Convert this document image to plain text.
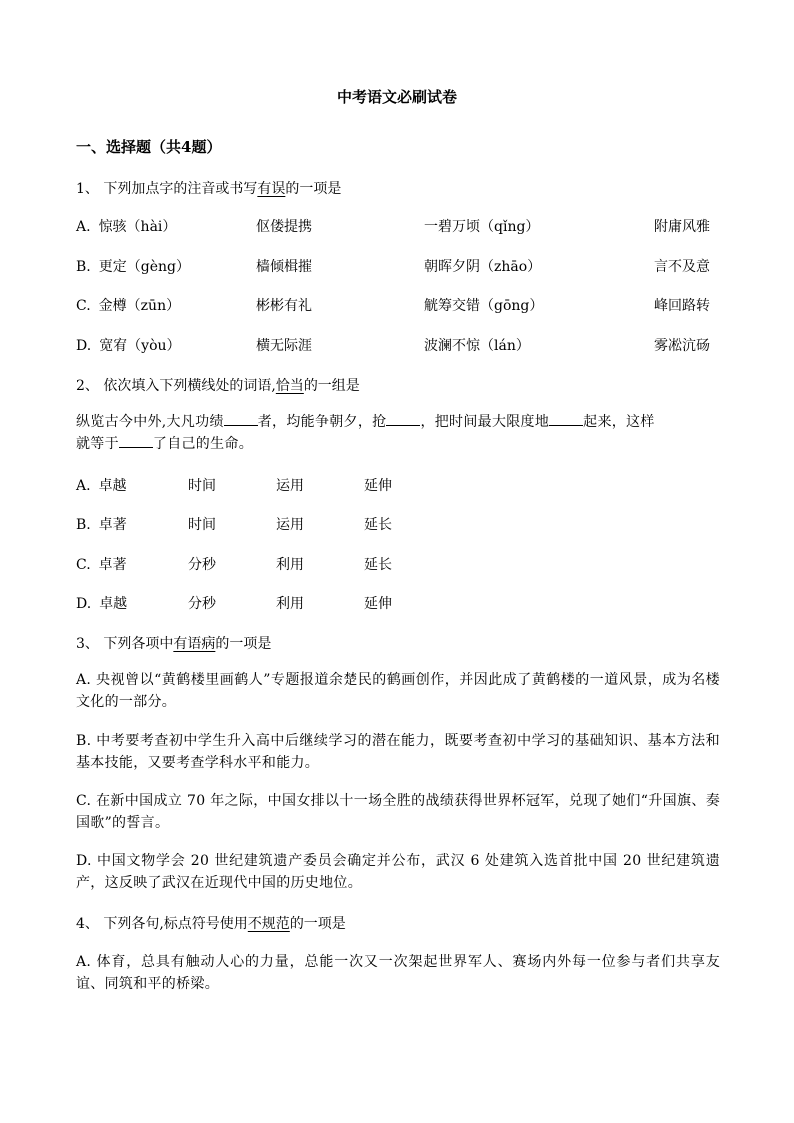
中考语文必刷试卷
一、选择题（共4题）
1、 下列加点字的注音或书写有误的一项是
A. 惊骇（hài）	伛偻提携	一碧万顷（qǐng）	附庸风雅
B. 更定（gèng）	樯倾楫摧	朝晖夕阴（zhāo）	言不及意
C. 金樽（zūn）	彬彬有礼	觥筹交错（gōng）	峰回路转
D. 宽宥（yòu）	横无际涯	波澜不惊（lán）	雾凇沆砀
2、 依次填入下列横线处的词语,恰当的一组是
纵览古今中外,大凡功绩 者，均能争朝夕，抢 ，把时间最大限度地 起来，这样
就等于 了自己的生命。
A. 卓越	时间	运用	延伸
B. 卓著	时间	运用	延长
C. 卓著	分秒	利用	延长
D. 卓越	分秒	利用	延伸
3、 下列各项中有语病的一项是
A. 央视曾以“黄鹤楼里画鹤人”专题报道余楚民的鹤画创作，并因此成了黄鹤楼的一道风景，成为名楼文化的一部分。
B. 中考要考查初中学生升入高中后继续学习的潜在能力，既要考查初中学习的基础知识、基本方法和基本技能，又要考查学科水平和能力。
C. 在新中国成立 70 年之际，中国女排以十一场全胜的战绩获得世界杯冠军，兑现了她们“升国旗、奏国歌”的誓言。
D. 中国文物学会 20 世纪建筑遗产委员会确定并公布，武汉 6 处建筑入选首批中国 20 世纪建筑遗产，这反映了武汉在近现代中国的历史地位。
4、 下列各句,标点符号使用不规范的一项是
A. 体育，总具有触动人心的力量，总能一次又一次架起世界军人、赛场内外每一位参与者们共享友谊、同筑和平的桥梁。
